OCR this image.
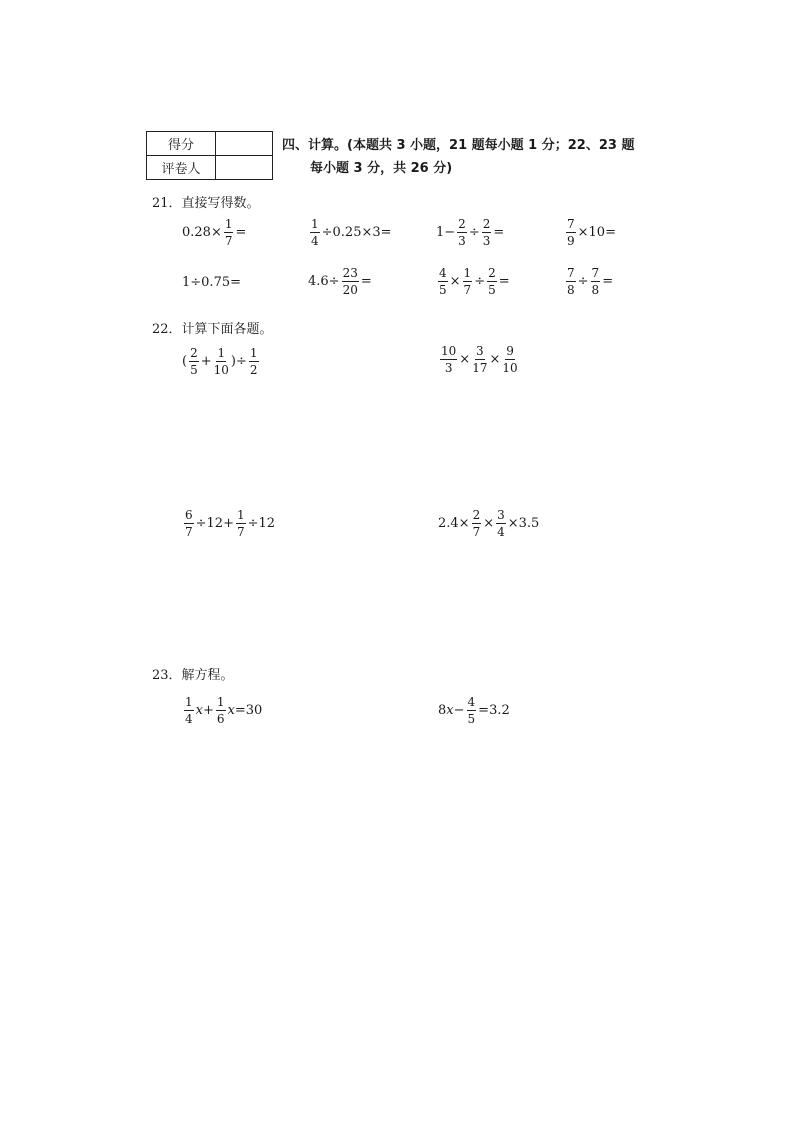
得分	
评卷人	
四、计算。(本题共 3 小题，21 题每小题 1 分；22、23 题
每小题 3 分，共 26 分)
21．直接写得数。
$0.28\times \frac{1}{7}$ =	$\frac{1}{4} \div 0.25\times 3=$	$1- \frac{2}{3} \div \frac{2}{3}$ =	$\frac{7}{9} \times 10=$
1÷0.75=	$4.6\div \frac{23}{20}$ =	$\frac{4}{5} \times \frac{1}{7} \div \frac{2}{5}$ =	$\frac{7}{8} \div \frac{7}{8}$ =
22．计算下面各题。
( $\frac{2}{5} + \frac{1}{10}$ ) ÷ $\frac{1}{2}$	$\frac{10}{3} \times \frac{3}{17} \times \frac{9}{10}$
$\frac{6}{7} \div 12+ \frac{1}{7} \div 12$	$2.4\times \frac{2}{7} \times \frac{3}{4} \times 3.5$
23．解方程。
$\frac{1}{4}$ $x + \frac{1}{6}$ x =30	8 $x - \frac{4}{5} =3.2$
